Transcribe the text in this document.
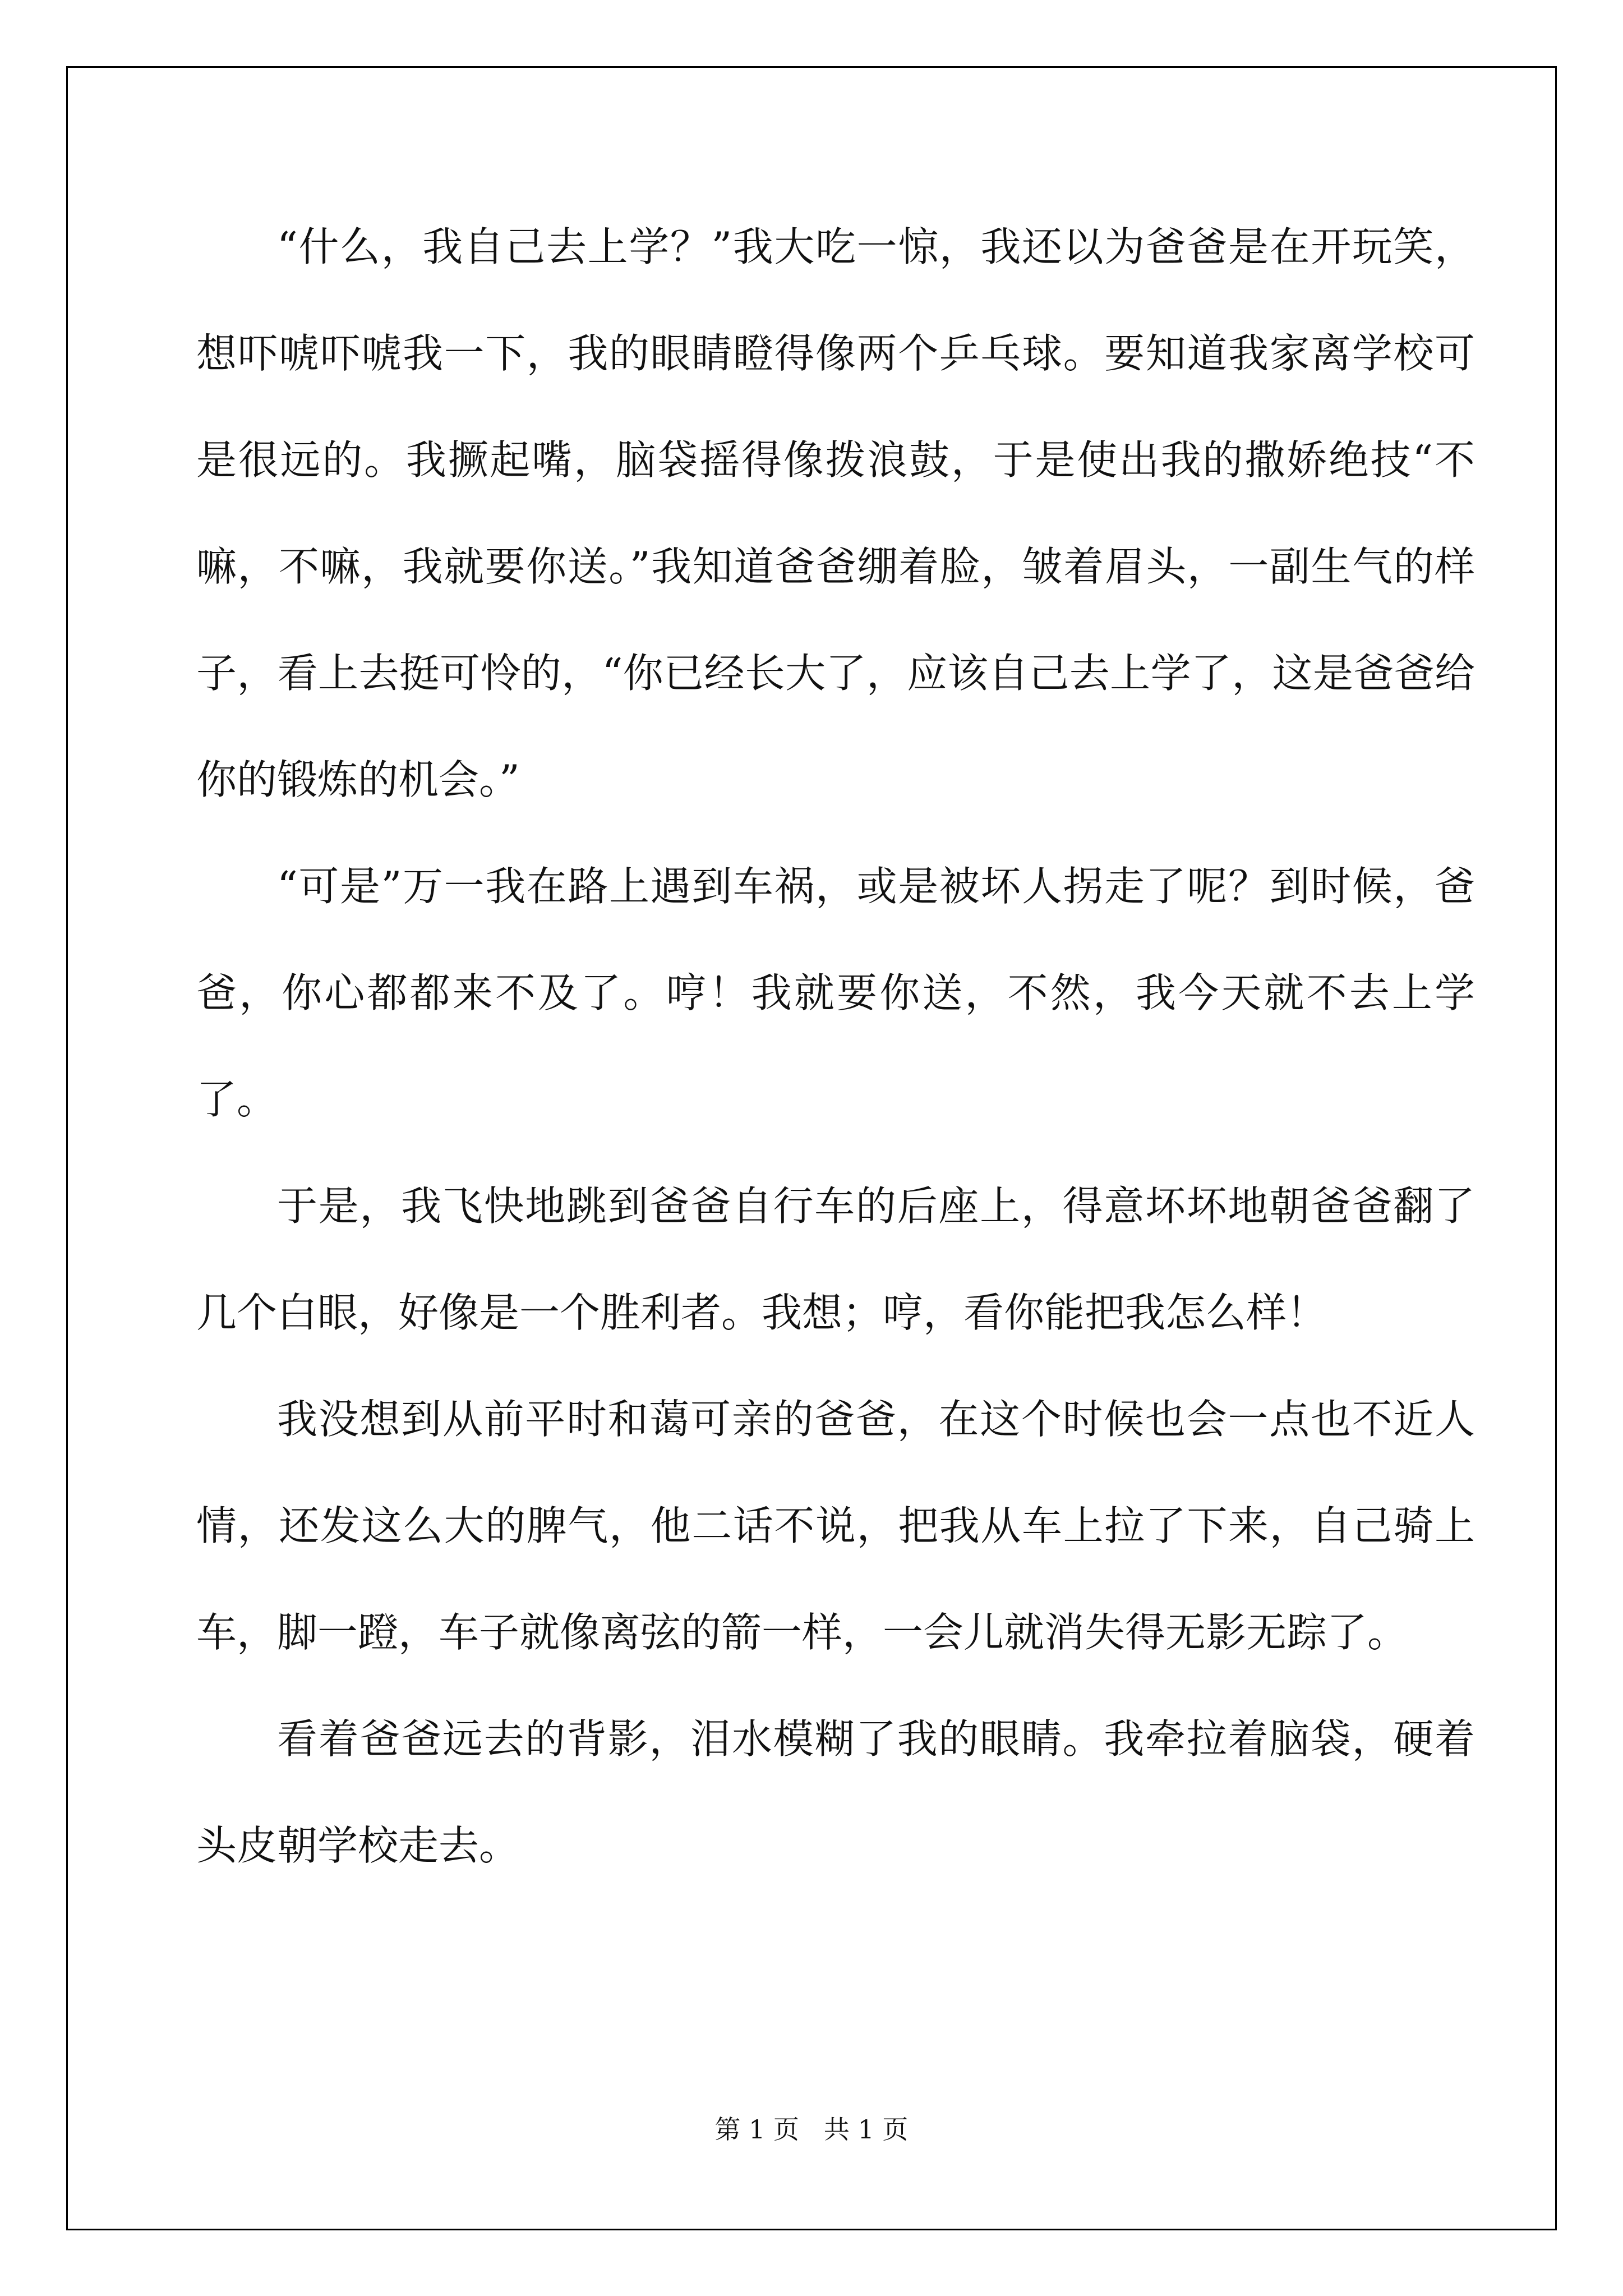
“什么，我自己去上学？”我大吃一惊，我还以为爸爸是在开玩笑，想吓唬吓唬我一下，我的眼睛瞪得像两个乒乓球。要知道我家离学校可是很远的。我撅起嘴，脑袋摇得像拨浪鼓，于是使出我的撒娇绝技“不嘛，不嘛，我就要你送。”我知道爸爸绷着脸，皱着眉头，一副生气的样子，看上去挺可怜的，“你已经长大了，应该自己去上学了，这是爸爸给你的锻炼的机会。”

“可是”万一我在路上遇到车祸，或是被坏人拐走了呢？到时候，爸爸，你心都都来不及了。哼！我就要你送，不然，我今天就不去上学了。

于是，我飞快地跳到爸爸自行车的后座上，得意坏坏地朝爸爸翻了几个白眼，好像是一个胜利者。我想；哼，看你能把我怎么样！

我没想到从前平时和蔼可亲的爸爸，在这个时候也会一点也不近人情，还发这么大的脾气，他二话不说，把我从车上拉了下来，自己骑上车，脚一蹬，车子就像离弦的箭一样，一会儿就消失得无影无踪了。

看着爸爸远去的背影，泪水模糊了我的眼睛。我牵拉着脑袋，硬着头皮朝学校走去。

第 1 页   共 1 页
